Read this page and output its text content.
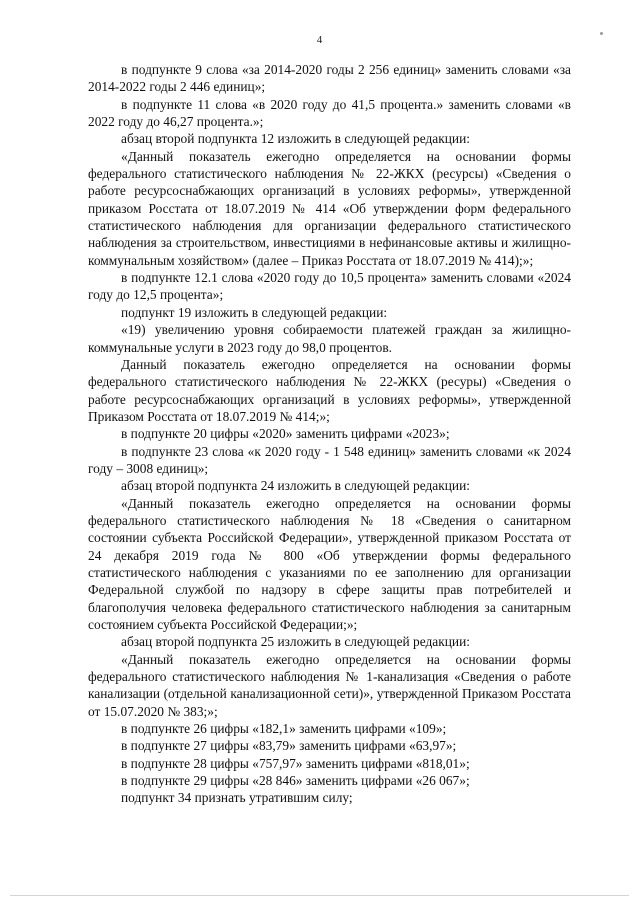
4

в подпункте 9 слова «за 2014-2020 годы 2 256 единиц» заменить словами «за 2014-2022 годы 2 446 единиц»;

в подпункте 11 слова «в 2020 году до 41,5 процента.» заменить словами «в 2022 году до 46,27 процента.»;

абзац второй подпункта 12 изложить в следующей редакции:

«Данный показатель ежегодно определяется на основании формы федерального статистического наблюдения № 22-ЖКХ (ресурсы) «Сведения о работе ресурсоснабжающих организаций в условиях реформы», утвержденной приказом Росстата от 18.07.2019 № 414 «Об утверждении форм федерального статистического наблюдения для организации федерального статистического наблюдения за строительством, инвестициями в нефинансовые активы и жилищно-коммунальным хозяйством» (далее – Приказ Росстата от 18.07.2019 № 414);»;

в подпункте 12.1 слова «2020 году до 10,5 процента» заменить словами «2024 году до 12,5 процента»;

подпункт 19 изложить в следующей редакции:

«19) увеличению уровня собираемости платежей граждан за жилищно-коммунальные услуги в 2023 году до 98,0 процентов.

Данный показатель ежегодно определяется на основании формы федерального статистического наблюдения № 22-ЖКХ (ресуры) «Сведения о работе ресурсоснабжающих организаций в условиях реформы», утвержденной Приказом Росстата от 18.07.2019 № 414;»;

в подпункте 20 цифры «2020» заменить цифрами «2023»;

в подпункте 23 слова «к 2020 году - 1 548 единиц» заменить словами «к 2024 году – 3008 единиц»;

абзац второй подпункта 24 изложить в следующей редакции:

«Данный показатель ежегодно определяется на основании формы федерального статистического наблюдения № 18 «Сведения о санитарном состоянии субъекта Российской Федерации», утвержденной приказом Росстата от 24 декабря 2019 года № 800 «Об утверждении формы федерального статистического наблюдения с указаниями по ее заполнению для организации Федеральной службой по надзору в сфере защиты прав потребителей и благополучия человека федерального статистического наблюдения за санитарным состоянием субъекта Российской Федерации;»;

абзац второй подпункта 25 изложить в следующей редакции:

«Данный показатель ежегодно определяется на основании формы федерального статистического наблюдения № 1-канализация «Сведения о работе канализации (отдельной канализационной сети)», утвержденной Приказом Росстата от 15.07.2020 № 383;»;

в подпункте 26 цифры «182,1» заменить цифрами «109»;

в подпункте 27 цифры «83,79» заменить цифрами «63,97»;

в подпункте 28 цифры «757,97» заменить цифрами «818,01»;

в подпункте 29 цифры «28 846» заменить цифрами «26 067»;

подпункт 34 признать утратившим силу;
